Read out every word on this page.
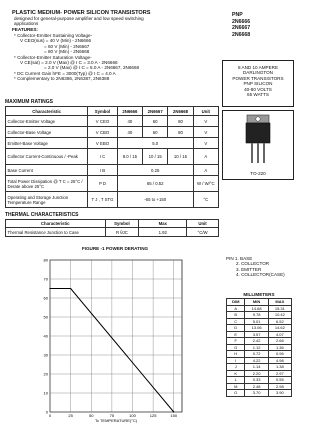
PLASTIC MEDIUM- POWER SILICON TRANSISTORS
designed for general-purpose amplifier and low speed switching
applications
FEATURES:
* Collector-Emitter Sustaining Voltage-
V CEO(sus) = 40 V (Min) - 2N6666
= 60 V (Min) - 2N6667
= 80 V (Min) - 2N6668
* Collector-Emitter Saturation Voltage-
V CE(sat) = 2.0 V (Max) @ I C = 3.0 A - 2N6666
= 2.0 V (Max) @ I C = 5.0 A - 2N6667, 2N6668
* DC Current Gain hFE = 3000(Typ) @ I C = 4.0 A
* Complementary to 2N6386, 2N6387, 2N6388
PNP
2N6666
2N6667
2N6668
8 AND 10 AMPERE
DARLINGTON
POWER TRANSISTORS
PNP SILICON
40-80 VOLTS
65 WATTS
TO-220
MAXIMUM RATINGS
Characteristic	Symbol	2N6666	2N6667	2N6668	Unit
Collector-Emitter Voltage	V CEO	40	60	80	V
Collector-Base Voltage	V CBO	40	60	80	V
Emitter-Base Voltage	V EBO	5.0			V
Collector Current-Continuous / -Peak	I C	8.0 / 15	10 / 15	10 / 15	A
Base Current	I B	0.25			A
Total Power Dissipation @ T C = 25°C / Derate above 25°C	P D	65 / 0.52			W / W/°C
Operating and Storage Junction Temperature Range	T J , T STG	-65 to +150			°C
THERMAL CHARACTERISTICS
Characteristic	Symbol	Max	Unit
Thermal Resistance Junction to Case	R θJC	1.92	°C/W
FIGURE -1 POWER DERATING
0	25	50	75	100	125	150
0
10
20
30
40
50
60
70
80
Tc TEMPERATURE(°C)
MILLIMETERS
DIM	MIN	MAX
A	14.68	15.31
B	9.78	10.42
C	5.01	6.52
D	13.06	14.62
E	3.57	4.07
F	2.42	2.66
G	1.12	1.36
H	0.72	0.96
I	4.22	4.98
J	1.14	1.38
K	2.20	2.97
L	0.33	0.55
M	2.48	2.98
O	3.70	3.90
PIN 1. BASE
2. COLLECTOR
3. EMITTER
4. COLLECTOR(CASE)
